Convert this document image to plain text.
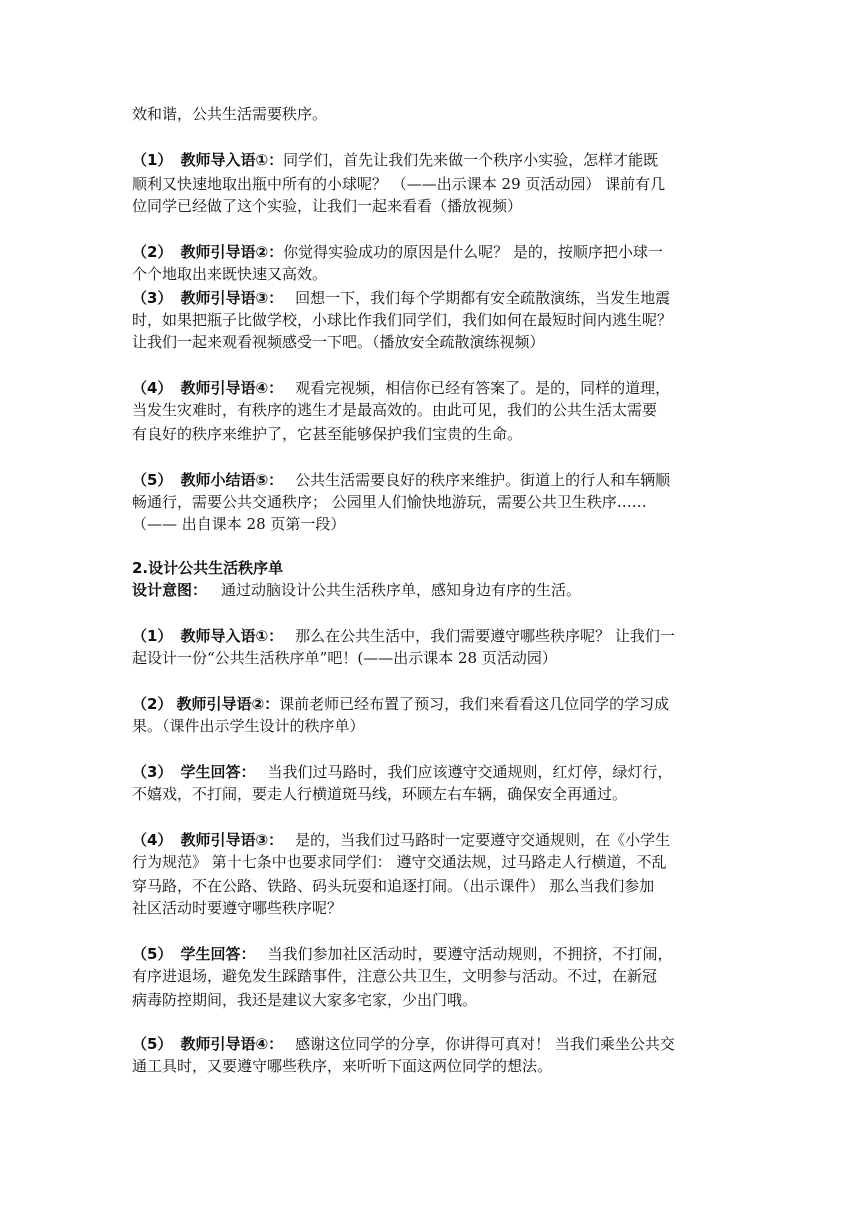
效和谐，公共生活需要秩序。
（1） 教师导入语①：同学们，首先让我们先来做一个秩序小实验，怎样才能既
顺利又快速地取出瓶中所有的小球呢？ （——出示课本 29 页活动园） 课前有几
位同学已经做了这个实验，让我们一起来看看（播放视频）
（2） 教师引导语②：你觉得实验成功的原因是什么呢？ 是的，按顺序把小球一
个个地取出来既快速又高效。
（3） 教师引导语③： 回想一下，我们每个学期都有安全疏散演练，当发生地震
时，如果把瓶子比做学校，小球比作我们同学们，我们如何在最短时间内逃生呢？
让我们一起来观看视频感受一下吧。（播放安全疏散演练视频）
（4） 教师引导语④： 观看完视频，相信你已经有答案了。是的，同样的道理，
当发生灾难时，有秩序的逃生才是最高效的。由此可见，我们的公共生活太需要
有良好的秩序来维护了，它甚至能够保护我们宝贵的生命。
（5） 教师小结语⑤： 公共生活需要良好的秩序来维护。街道上的行人和车辆顺
畅通行，需要公共交通秩序； 公园里人们愉快地游玩，需要公共卫生秩序……
（—— 出自课本 28 页第一段）
2.设计公共生活秩序单
设计意图： 通过动脑设计公共生活秩序单，感知身边有序的生活。
（1） 教师导入语①： 那么在公共生活中，我们需要遵守哪些秩序呢？ 让我们一
起设计一份“公共生活秩序单”吧！(——出示课本 28 页活动园）
（2） 教师引导语②：课前老师已经布置了预习，我们来看看这几位同学的学习成
果。（课件出示学生设计的秩序单）
（3） 学生回答： 当我们过马路时，我们应该遵守交通规则，红灯停，绿灯行，
不嬉戏，不打闹，要走人行横道斑马线，环顾左右车辆，确保安全再通过。
（4） 教师引导语③： 是的，当我们过马路时一定要遵守交通规则，在《小学生
行为规范》 第十七条中也要求同学们： 遵守交通法规，过马路走人行横道，不乱
穿马路，不在公路、铁路、码头玩耍和追逐打闹。（出示课件） 那么当我们参加
社区活动时要遵守哪些秩序呢？
（5） 学生回答： 当我们参加社区活动时，要遵守活动规则，不拥挤，不打闹，
有序进退场，避免发生踩踏事件，注意公共卫生，文明参与活动。不过，在新冠
病毒防控期间，我还是建议大家多宅家，少出门哦。
（5） 教师引导语④： 感谢这位同学的分享，你讲得可真对！ 当我们乘坐公共交
通工具时，又要遵守哪些秩序，来听听下面这两位同学的想法。
